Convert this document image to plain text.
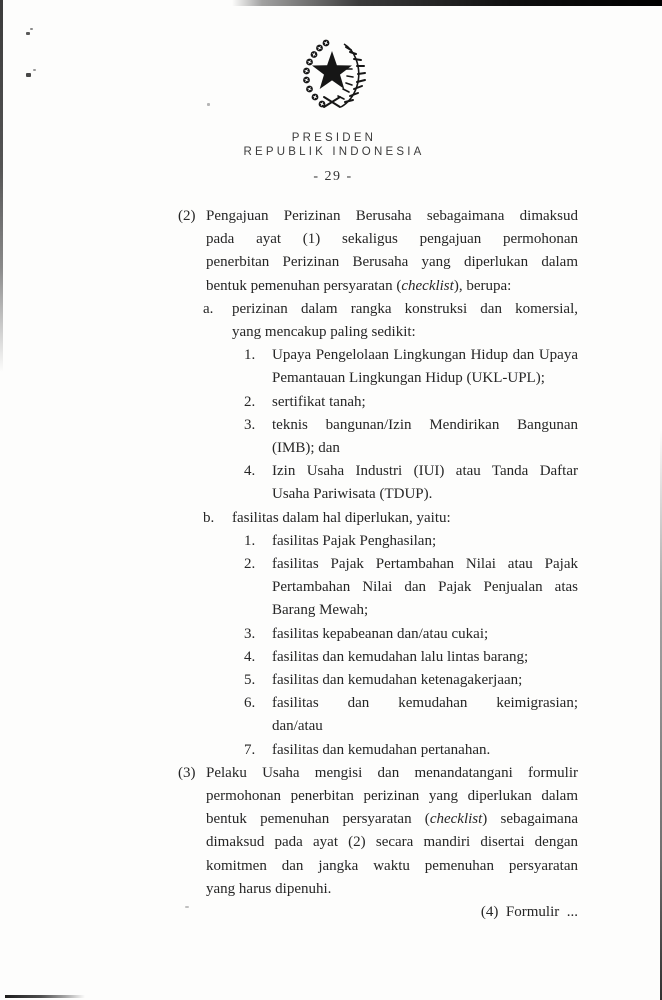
PRESIDEN
REPUBLIK INDONESIA
- 29 -
(2) Pengajuan Perizinan Berusaha sebagaimana dimaksud
pada ayat (1) sekaligus pengajuan permohonan
penerbitan Perizinan Berusaha yang diperlukan dalam
bentuk pemenuhan persyaratan (checklist), berupa:
a. perizinan dalam rangka konstruksi dan komersial,
yang mencakup paling sedikit:
1. Upaya Pengelolaan Lingkungan Hidup dan Upaya
Pemantauan Lingkungan Hidup (UKL-UPL);
2. sertifikat tanah;
3. teknis bangunan/Izin Mendirikan Bangunan
(IMB); dan
4. Izin Usaha Industri (IUI) atau Tanda Daftar
Usaha Pariwisata (TDUP).
b. fasilitas dalam hal diperlukan, yaitu:
1. fasilitas Pajak Penghasilan;
2. fasilitas Pajak Pertambahan Nilai atau Pajak
Pertambahan Nilai dan Pajak Penjualan atas
Barang Mewah;
3. fasilitas kepabeanan dan/atau cukai;
4. fasilitas dan kemudahan lalu lintas barang;
5. fasilitas dan kemudahan ketenagakerjaan;
6. fasilitas dan kemudahan keimigrasian;
dan/atau
7. fasilitas dan kemudahan pertanahan.
(3) Pelaku Usaha mengisi dan menandatangani formulir
permohonan penerbitan perizinan yang diperlukan dalam
bentuk pemenuhan persyaratan (checklist) sebagaimana
dimaksud pada ayat (2) secara mandiri disertai dengan
komitmen dan jangka waktu pemenuhan persyaratan
yang harus dipenuhi.
(4)  Formulir  ...
